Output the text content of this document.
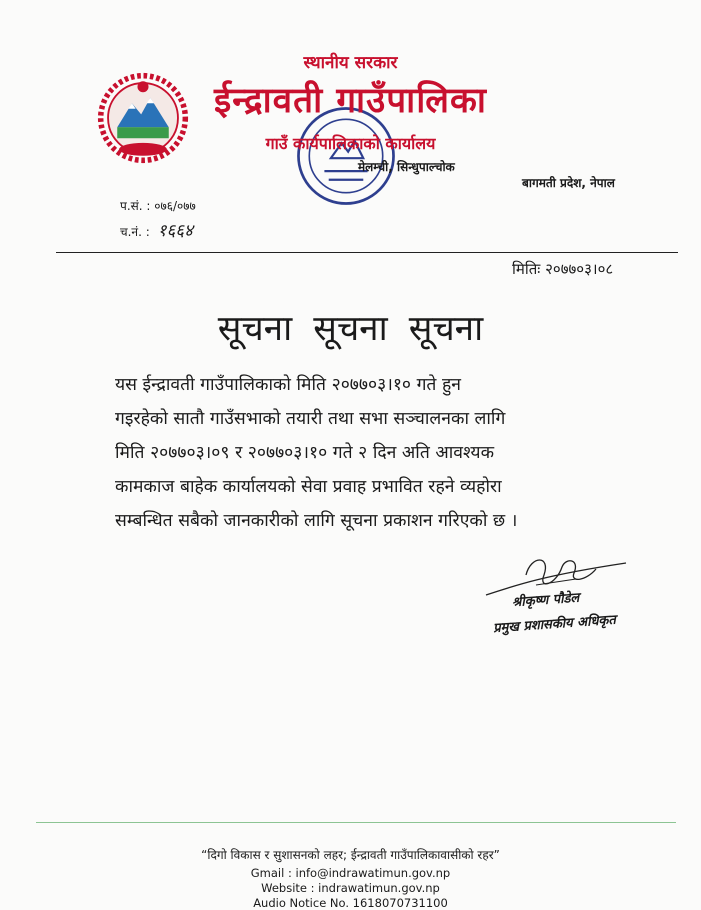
स्थानीय सरकार
ईन्द्रावती गाउँपालिका
गाउँ कार्यपालिकाको कार्यालय
मेलम्ची, सिन्धुपाल्चोक
बागमती प्रदेश, नेपाल
प.सं. : ०७६/०७७
च.नं. : १६६४
मितिः २०७७०३।०८
सूचना सूचना सूचना
यस ईन्द्रावती गाउँपालिकाको मिति २०७७०३।१० गते हुन
गइरहेको सातौ गाउँसभाको तयारी तथा सभा सञ्चालनका लागि
मिति २०७७०३।०९ र २०७७०३।१० गते २ दिन अति आवश्यक
कामकाज बाहेक कार्यालयको सेवा प्रवाह प्रभावित रहने व्यहोरा
सम्बन्धित सबैको जानकारीको लागि सूचना प्रकाशन गरिएको छ ।
श्रीकृष्ण पौडेल
प्रमुख प्रशासकीय अधिकृत
“दिगो विकास र सुशासनको लहर; ईन्द्रावती गाउँपालिकावासीको रहर”
Gmail : info@indrawatimun.gov.np
Website : indrawatimun.gov.np
Audio Notice No. 1618070731100
